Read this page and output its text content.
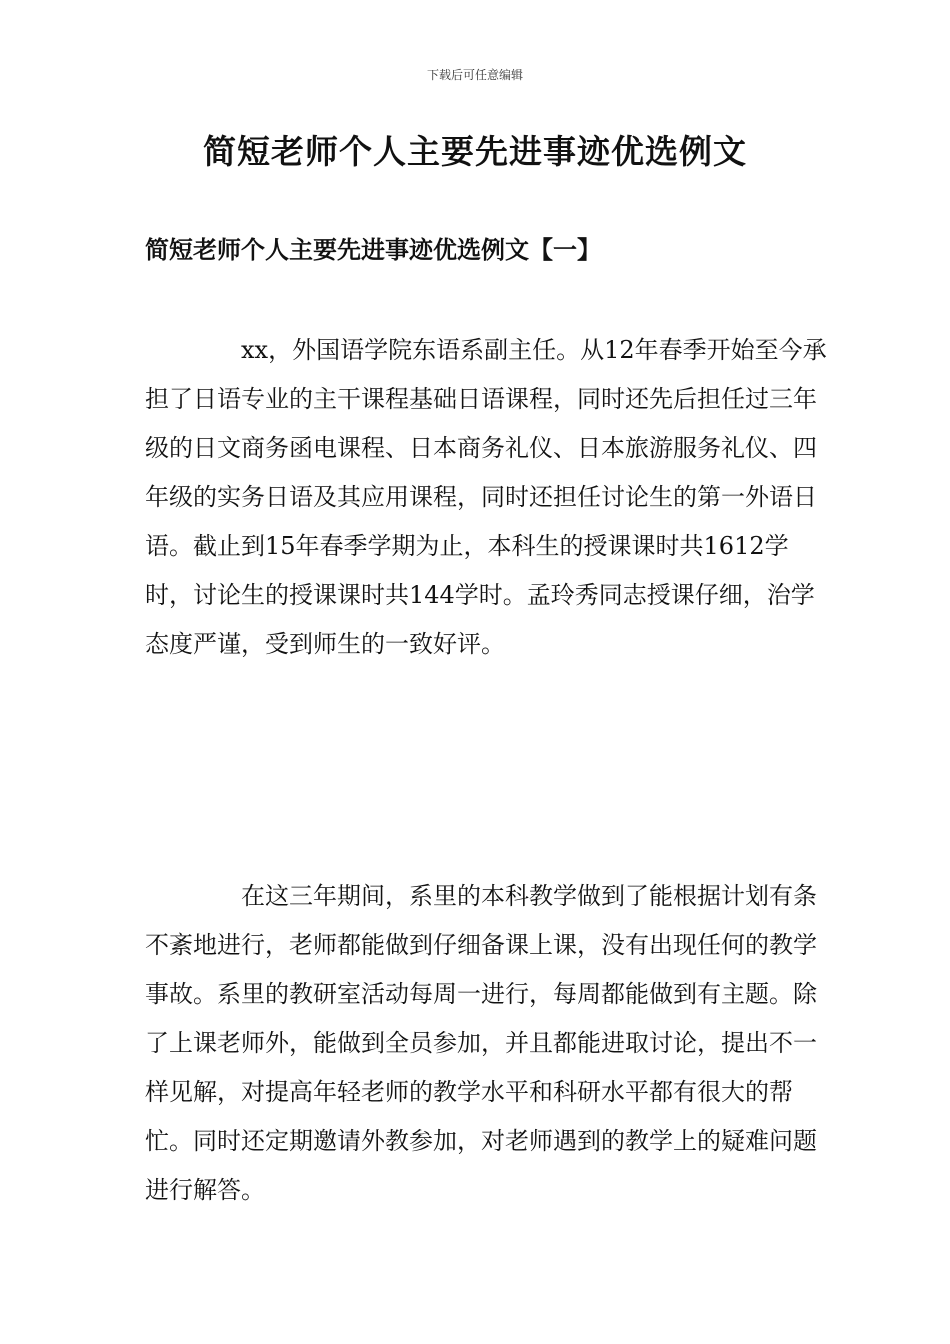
下载后可任意编辑
简短老师个人主要先进事迹优选例文
简短老师个人主要先进事迹优选例文【一】

xx，外国语学院东语系副主任。从12年春季开始至今承担了日语专业的主干课程基础日语课程，同时还先后担任过三年级的日文商务函电课程、日本商务礼仪、日本旅游服务礼仪、四年级的实务日语及其应用课程，同时还担任讨论生的第一外语日语。截止到15年春季学期为止，本科生的授课课时共1612学时，讨论生的授课课时共144学时。孟玲秀同志授课仔细，治学态度严谨，受到师生的一致好评。

在这三年期间，系里的本科教学做到了能根据计划有条不紊地进行，老师都能做到仔细备课上课，没有出现任何的教学事故。系里的教研室活动每周一进行，每周都能做到有主题。除了上课老师外，能做到全员参加，并且都能进取讨论，提出不一样见解，对提高年轻老师的教学水平和科研水平都有很大的帮忙。同时还定期邀请外教参加，对老师遇到的教学上的疑难问题进行解答。
